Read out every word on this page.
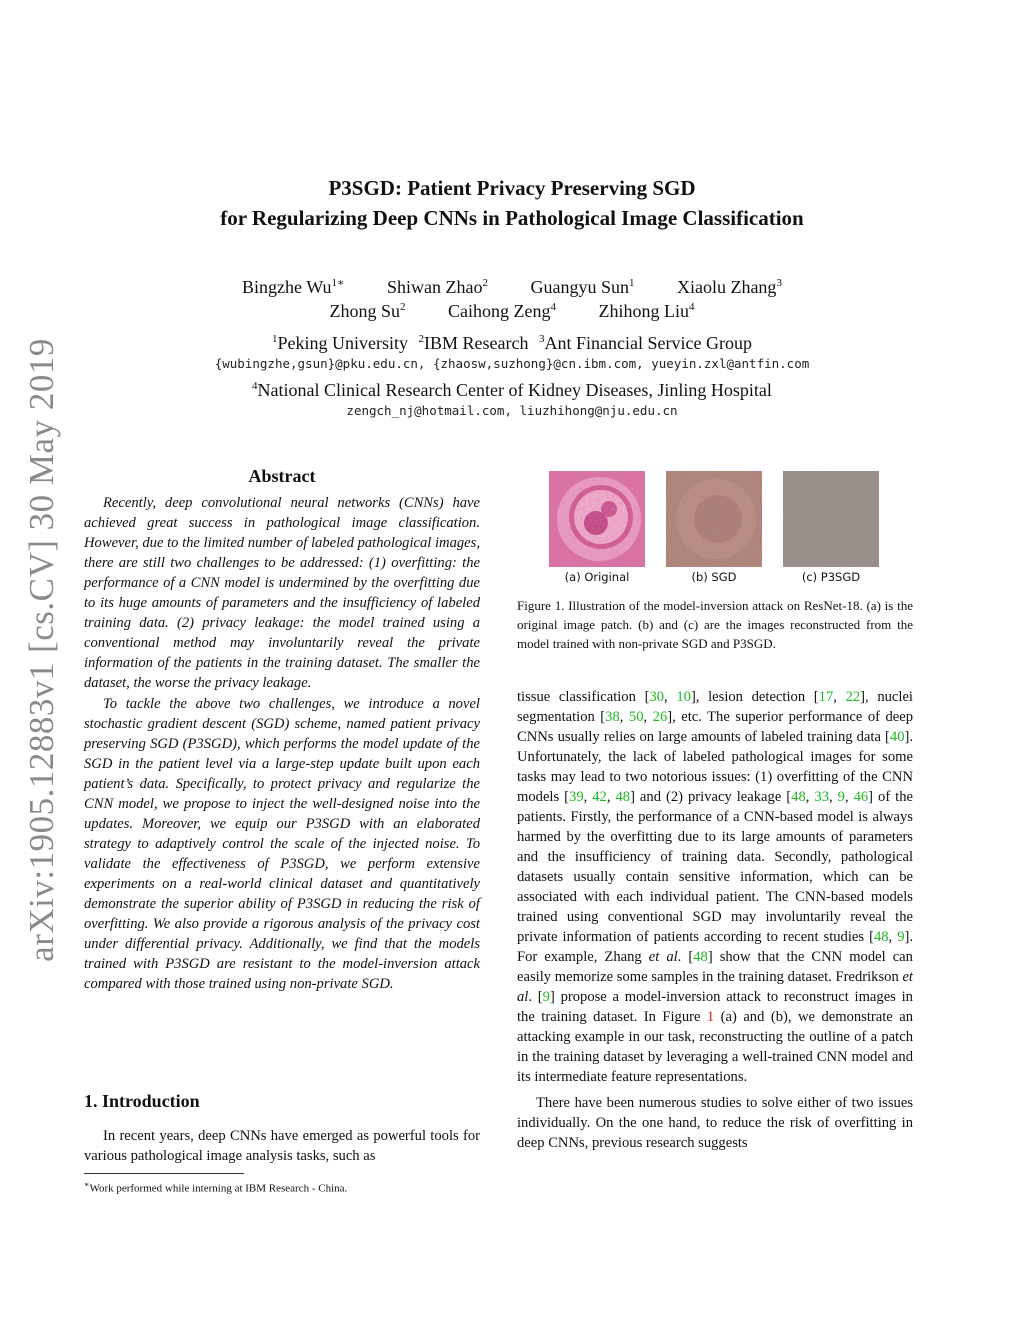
arXiv:1905.12883v1 [cs.CV] 30 May 2019
P3SGD: Patient Privacy Preserving SGD
for Regularizing Deep CNNs in Pathological Image Classification
Bingzhe $Wu^{1∗}$ Shiwan Zhao$^2$ Guangyu Sun$^1$ Xiaolu Zhang$^3$
Zhong Su$^2$ Caihong Zeng$^4$ Zhihong Liu$^4$
$^1$Peking University $^2$IBM Research $^3$Ant Financial Service Group
{wubingzhe,gsun}@pku.edu.cn, {zhaosw,suzhong}@cn.ibm.com, yueyin.zxl@antfin.com
$^4$National Clinical Research Center of Kidney Diseases, Jinling Hospital
zengch_nj@hotmail.com, liuzhihong@nju.edu.cn
Abstract

Recently, deep convolutional neural networks (CNNs) have achieved great success in pathological image classification. However, due to the limited number of labeled pathological images, there are still two challenges to be addressed: (1) overfitting: the performance of a CNN model is undermined by the overfitting due to its huge amounts of parameters and the insufficiency of labeled training data. (2) privacy leakage: the model trained using a conventional method may involuntarily reveal the private information of the patients in the training dataset. The smaller the dataset, the worse the privacy leakage.

To tackle the above two challenges, we introduce a novel stochastic gradient descent (SGD) scheme, named patient privacy preserving SGD (P3SGD), which performs the model update of the SGD in the patient level via a large-step update built upon each patient’s data. Specifically, to protect privacy and regularize the CNN model, we propose to inject the well-designed noise into the updates. Moreover, we equip our P3SGD with an elaborated strategy to adaptively control the scale of the injected noise. To validate the effectiveness of P3SGD, we perform extensive experiments on a real-world clinical dataset and quantitatively demonstrate the superior ability of P3SGD in reducing the risk of overfitting. We also provide a rigorous analysis of the privacy cost under differential privacy. Additionally, we find that the models trained with P3SGD are resistant to the model-inversion attack compared with those trained using non-private SGD.

1. Introduction

In recent years, deep CNNs have emerged as powerful tools for various pathological image analysis tasks, such as

∗Work performed while interning at IBM Research - China.
(a) Original	(b) SGD	(c) P3SGD
Figure 1. Illustration of the model-inversion attack on ResNet-18. (a) is the original image patch. (b) and (c) are the images reconstructed from the model trained with non-private SGD and P3SGD.

tissue classification [30, 10], lesion detection [17, 22], nuclei segmentation [38, 50, 26], etc. The superior performance of deep CNNs usually relies on large amounts of labeled training data [40]. Unfortunately, the lack of labeled pathological images for some tasks may lead to two notorious issues: (1) overfitting of the CNN models [39, 42, 48] and (2) privacy leakage [48, 33, 9, 46] of the patients. Firstly, the performance of a CNN-based model is always harmed by the overfitting due to its large amounts of parameters and the insufficiency of training data. Secondly, pathological datasets usually contain sensitive information, which can be associated with each individual patient. The CNN-based models trained using conventional SGD may involuntarily reveal the private information of patients according to recent studies [48, 9]. For example, Zhang et al. [48] show that the CNN model can easily memorize some samples in the training dataset. Fredrikson et al. [9] propose a model-inversion attack to reconstruct images in the training dataset. In Figure 1 (a) and (b), we demonstrate an attacking example in our task, reconstructing the outline of a patch in the training dataset by leveraging a well-trained CNN model and its intermediate feature representations.

There have been numerous studies to solve either of two issues individually. On the one hand, to reduce the risk of overfitting in deep CNNs, previous research suggests
